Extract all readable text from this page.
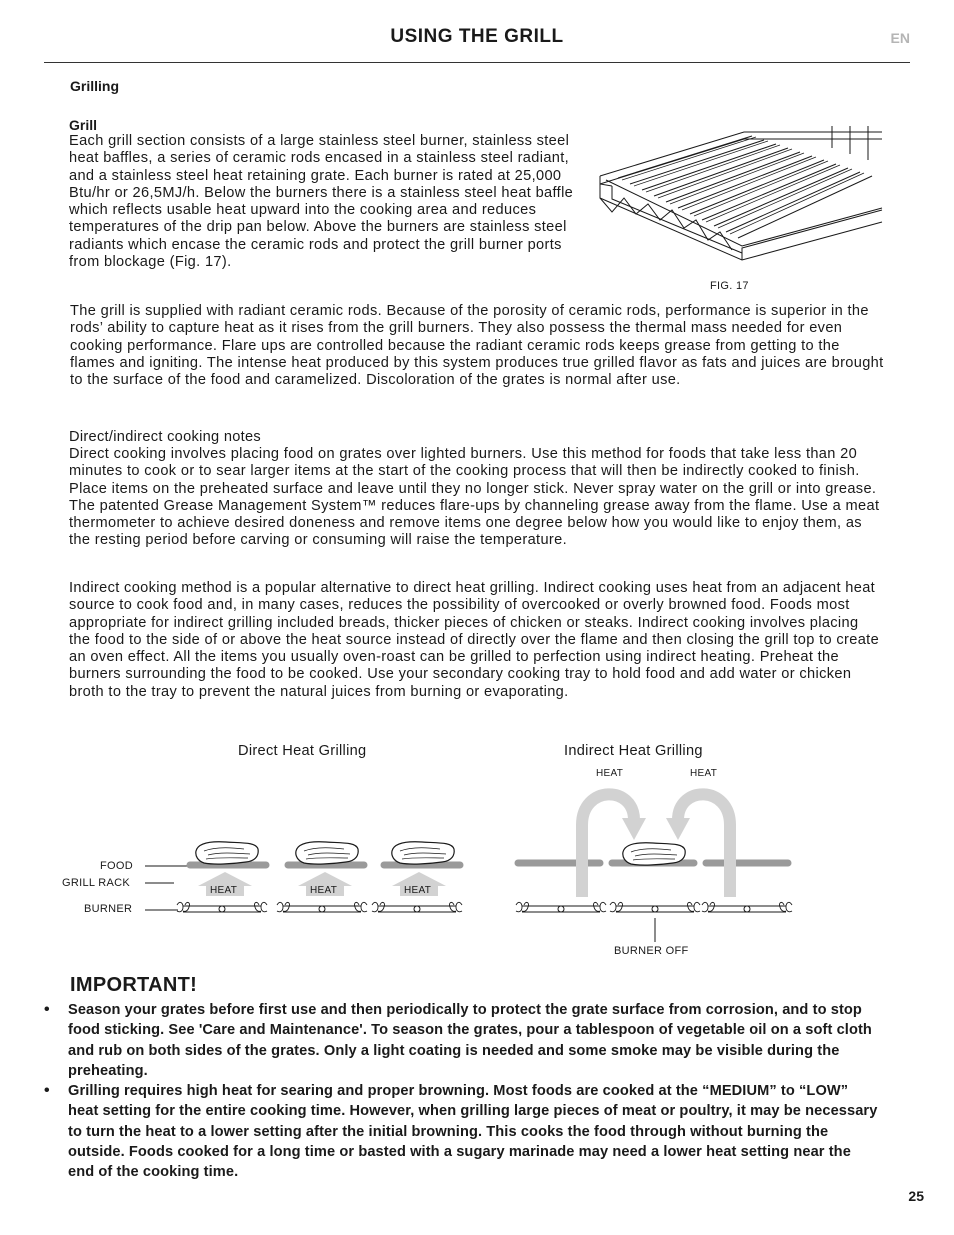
USING THE GRILL	EN
Grilling
Grill

Each grill section consists of a large stainless steel burner, stainless steel heat baffles, a series of ceramic rods encased in a stainless steel radiant, and a stainless steel heat retaining grate. Each burner is rated at 25,000 Btu/hr or 26,5MJ/h. Below the burners there is a stainless steel heat baffle which reflects usable heat upward into the cooking area and reduces temperatures of the drip pan below. Above the burners are stainless steel radiants which encase the ceramic rods and protect the grill burner ports from blockage (Fig. 17).

FIG. 17

The grill is supplied with radiant ceramic rods. Because of the porosity of ceramic rods, performance is superior in the rods’ ability to capture heat as it rises from the grill burners. They also possess the thermal mass needed for even cooking performance. Flare ups are controlled because the radiant ceramic rods keeps grease from getting to the flames and igniting. The intense heat produced by this system produces true grilled flavor as fats and juices are brought to the surface of the food and caramelized. Discoloration of the grates is normal after use.

Direct/indirect cooking notes

Direct cooking involves placing food on grates over lighted burners. Use this method for foods that take less than 20 minutes to cook or to sear larger items at the start of the cooking process that will then be indirectly cooked to finish. Place items on the preheated surface and leave until they no longer stick. Never spray water on the grill or into grease. The patented Grease Management System™ reduces flare-ups by channeling grease away from the flame. Use a meat thermometer to achieve desired doneness and remove items one degree below how you would like to enjoy them, as the resting period before carving or consuming will raise the temperature.

Indirect cooking method is a popular alternative to direct heat grilling. Indirect cooking uses heat from an adjacent heat source to cook food and, in many cases, reduces the possibility of overcooked or overly browned food. Foods most appropriate for indirect grilling included breads, thicker pieces of chicken or steaks. Indirect cooking involves placing the food to the side of or above the heat source instead of directly over the flame and then closing the grill top to create an oven effect. All the items you usually oven-roast can be grilled to perfection using indirect heating. Preheat the burners surrounding the food to be cooked. Use your secondary cooking tray to hold food and add water or chicken broth to the tray to prevent the natural juices from burning or evaporating.

Direct Heat Grilling	Indirect Heat Grilling
FOOD
GRILL RACK
BURNER
BURNER OFF
HEAT	HEAT	HEAT
HEAT	HEAT
IMPORTANT!
• Season your grates before first use and then periodically to protect the grate surface from corrosion, and to stop food sticking. See 'Care and Maintenance'. To season the grates, pour a tablespoon of vegetable oil on a soft cloth and rub on both sides of the grates. Only a light coating is needed and some smoke may be visible during the preheating.
• Grilling requires high heat for searing and proper browning. Most foods are cooked at the “MEDIUM” to “LOW” heat setting for the entire cooking time. However, when grilling large pieces of meat or poultry, it may be necessary to turn the heat to a lower setting after the initial browning. This cooks the food through without burning the outside. Foods cooked for a long time or basted with a sugary marinade may need a lower heat setting near the end of the cooking time.
25
